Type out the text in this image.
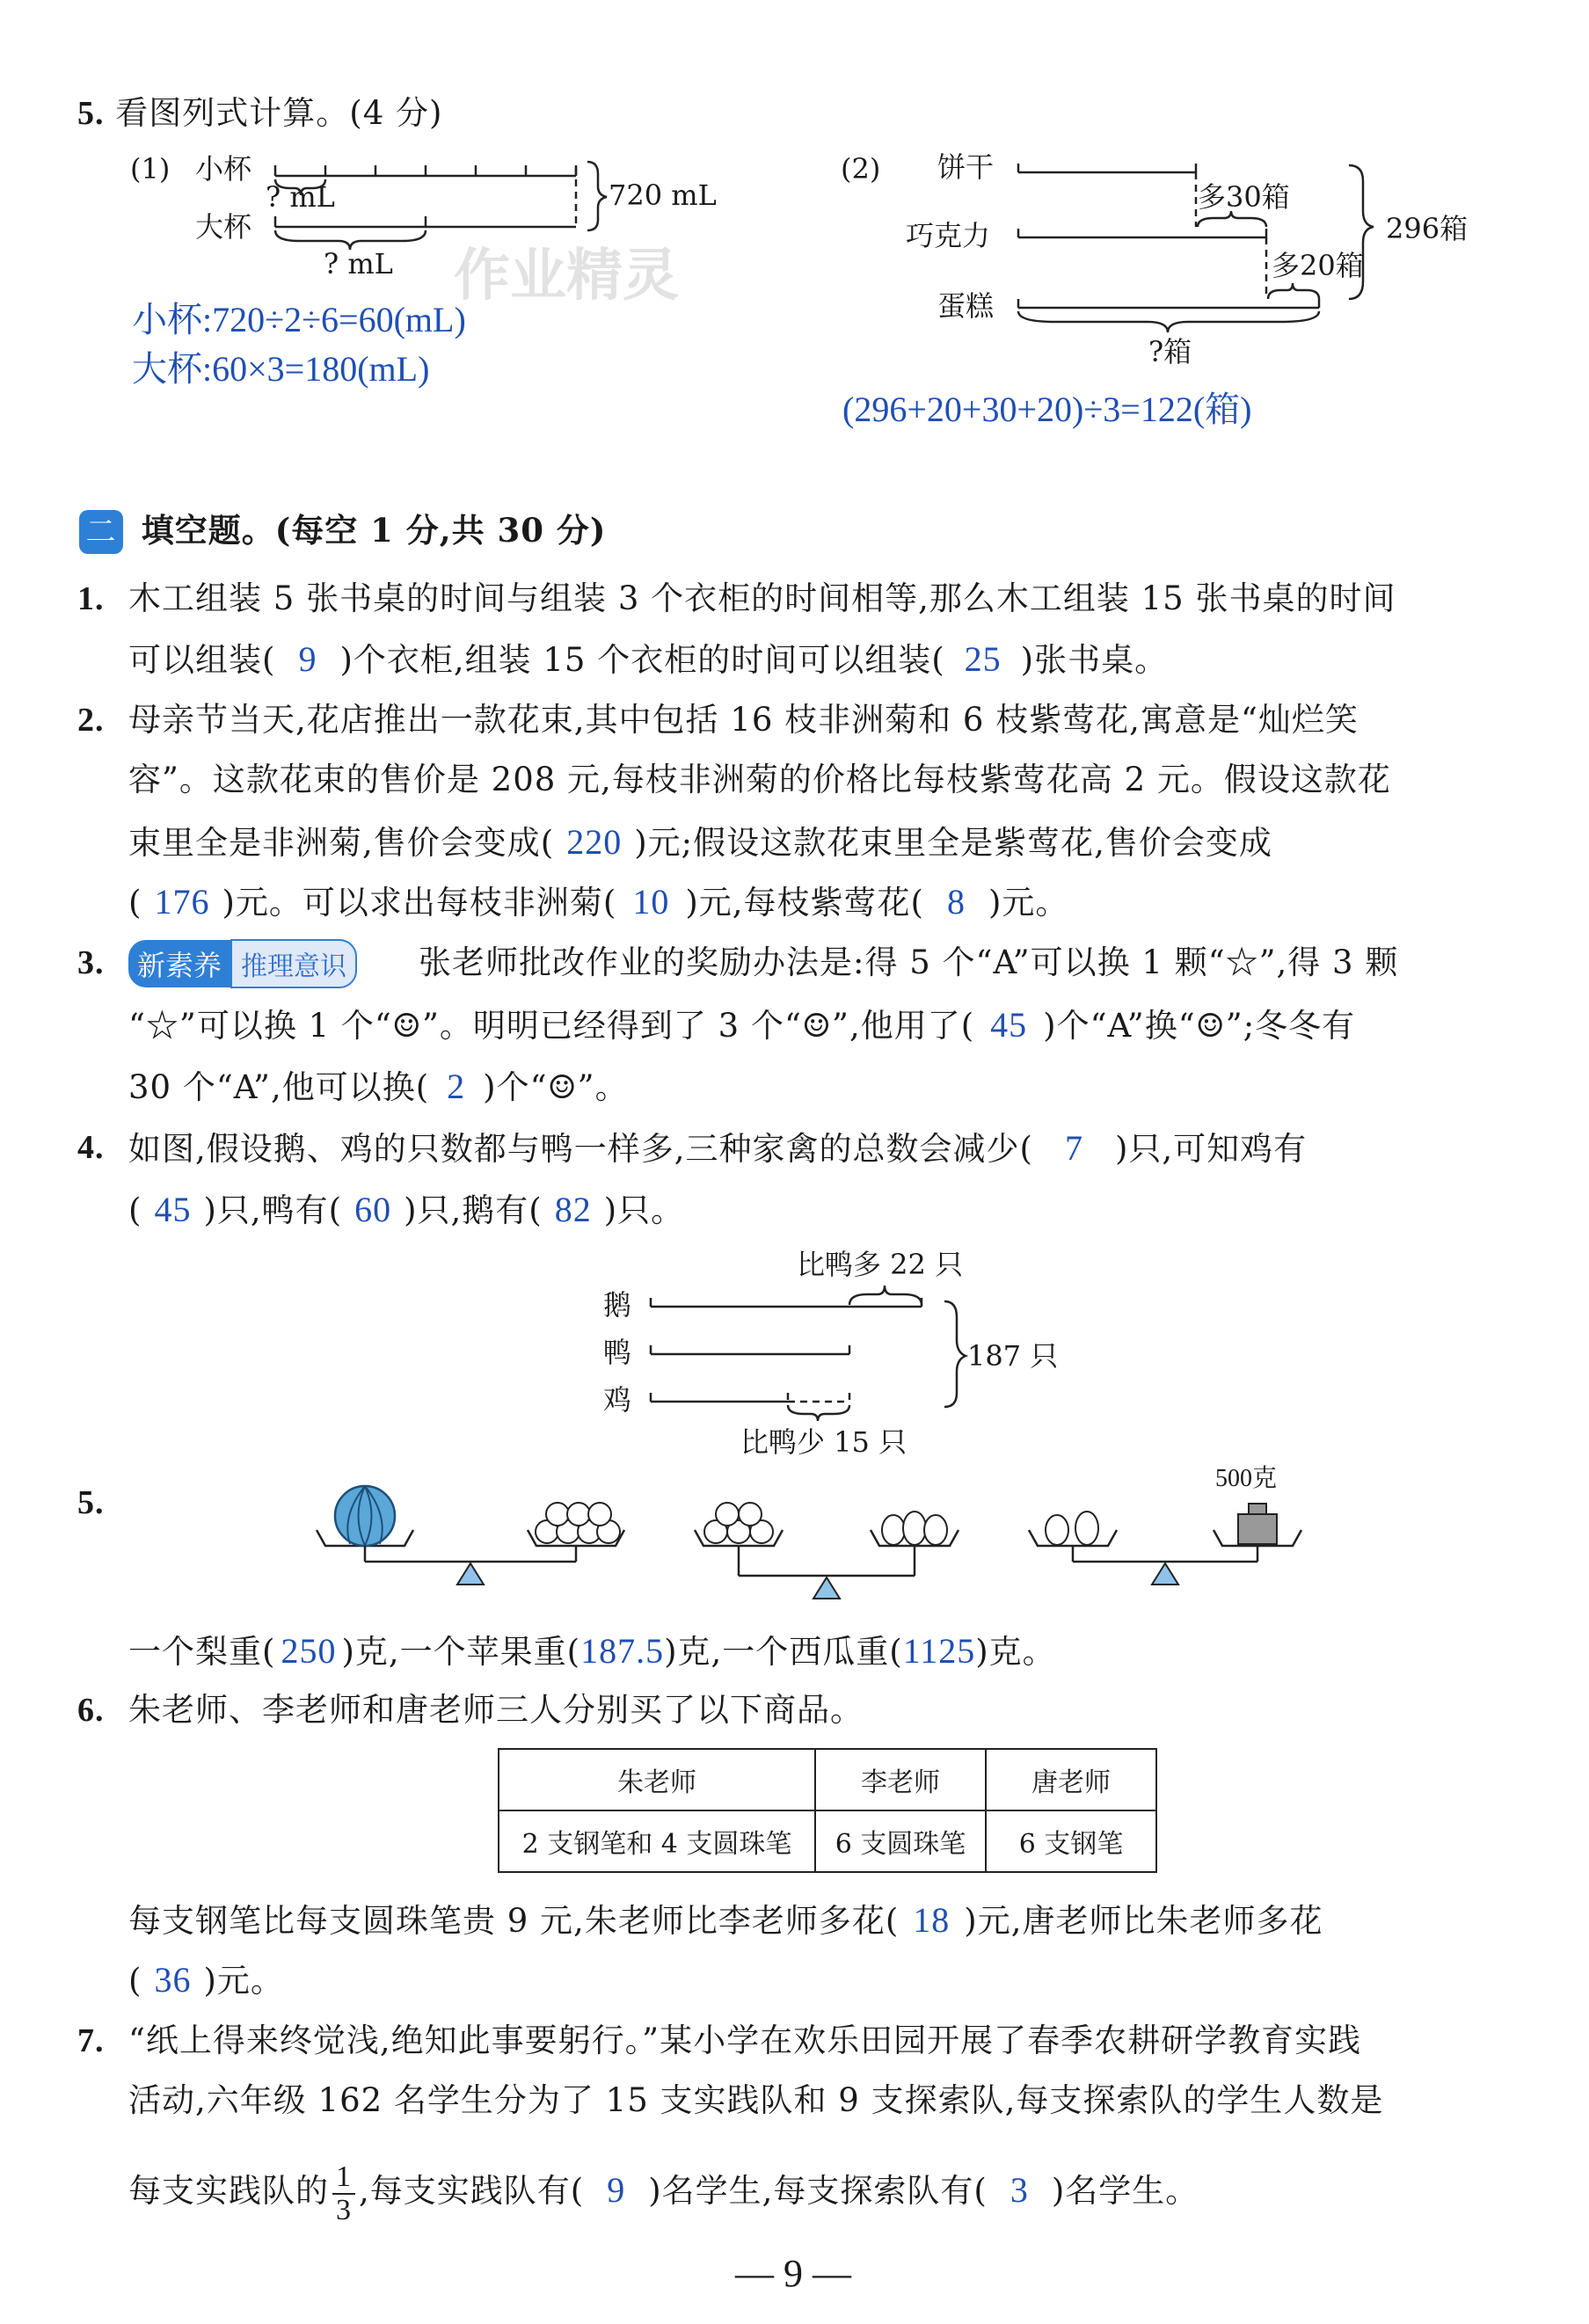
5. 看图列式计算。(4 分)
(1) 小杯
大杯
? mL
? mL
720 mL
(2) 饼干
巧克力
蛋糕
多30箱
多20箱
296箱
?箱
作业精灵
小杯:720÷2÷6=60(mL)
大杯:60×3=180(mL)
(296+20+30+20)÷3=122(箱)
二 填空题。(每空 1 分,共 30 分)
1. 木工组装 5 张书桌的时间与组装 3 个衣柜的时间相等,那么木工组装 15 张书桌的时间
可以组装( 9 )个衣柜,组装 15 个衣柜的时间可以组装( 25 )张书桌。
2. 母亲节当天,花店推出一款花束,其中包括 16 枝非洲菊和 6 枝紫莺花,寓意是“灿烂笑
容”。这款花束的售价是 208 元,每枝非洲菊的价格比每枝紫莺花高 2 元。假设这款花
束里全是非洲菊,售价会变成( 220 )元;假设这款花束里全是紫莺花,售价会变成
( 176 )元。可以求出每枝非洲菊( 10 )元,每枝紫莺花( 8 )元。
3.	新素养 推理意识	张老师批改作业的奖励办法是:得 5 个“A”可以换 1 颗“☆”,得 3 颗
“☆”可以换 1 个“☺”。明明已经得到了 3 个“☺”,他用了( 45 )个“A”换“☺”;冬冬有
30 个“A”,他可以换( 2 )个“☺”。
4. 如图,假设鹅、鸡的只数都与鸭一样多,三种家禽的总数会减少( 7 )只,可知鸡有
( 45 )只,鸭有( 60 )只,鹅有( 82 )只。
比鸭多 22 只
鹅
鸭
鸡
187 只
比鸭少 15 只
5.
500克
一个梨重( 250 )克,一个苹果重(187.5)克,一个西瓜重(1125)克。
6. 朱老师、李老师和唐老师三人分别买了以下商品。
朱老师	李老师	唐老师
2 支钢笔和 4 支圆珠笔	6 支圆珠笔	6 支钢笔
每支钢笔比每支圆珠笔贵 9 元,朱老师比李老师多花( 18 )元,唐老师比朱老师多花
( 36 )元。
7. “纸上得来终觉浅,绝知此事要躬行。”某小学在欢乐田园开展了春季农耕研学教育实践
活动,六年级 162 名学生分为了 15 支实践队和 9 支探索队,每支探索队的学生人数是
每支实践队的 $\frac{1}{3}$ ,每支实践队有( 9 )名学生,每支探索队有( 3 )名学生。
— 9 —
